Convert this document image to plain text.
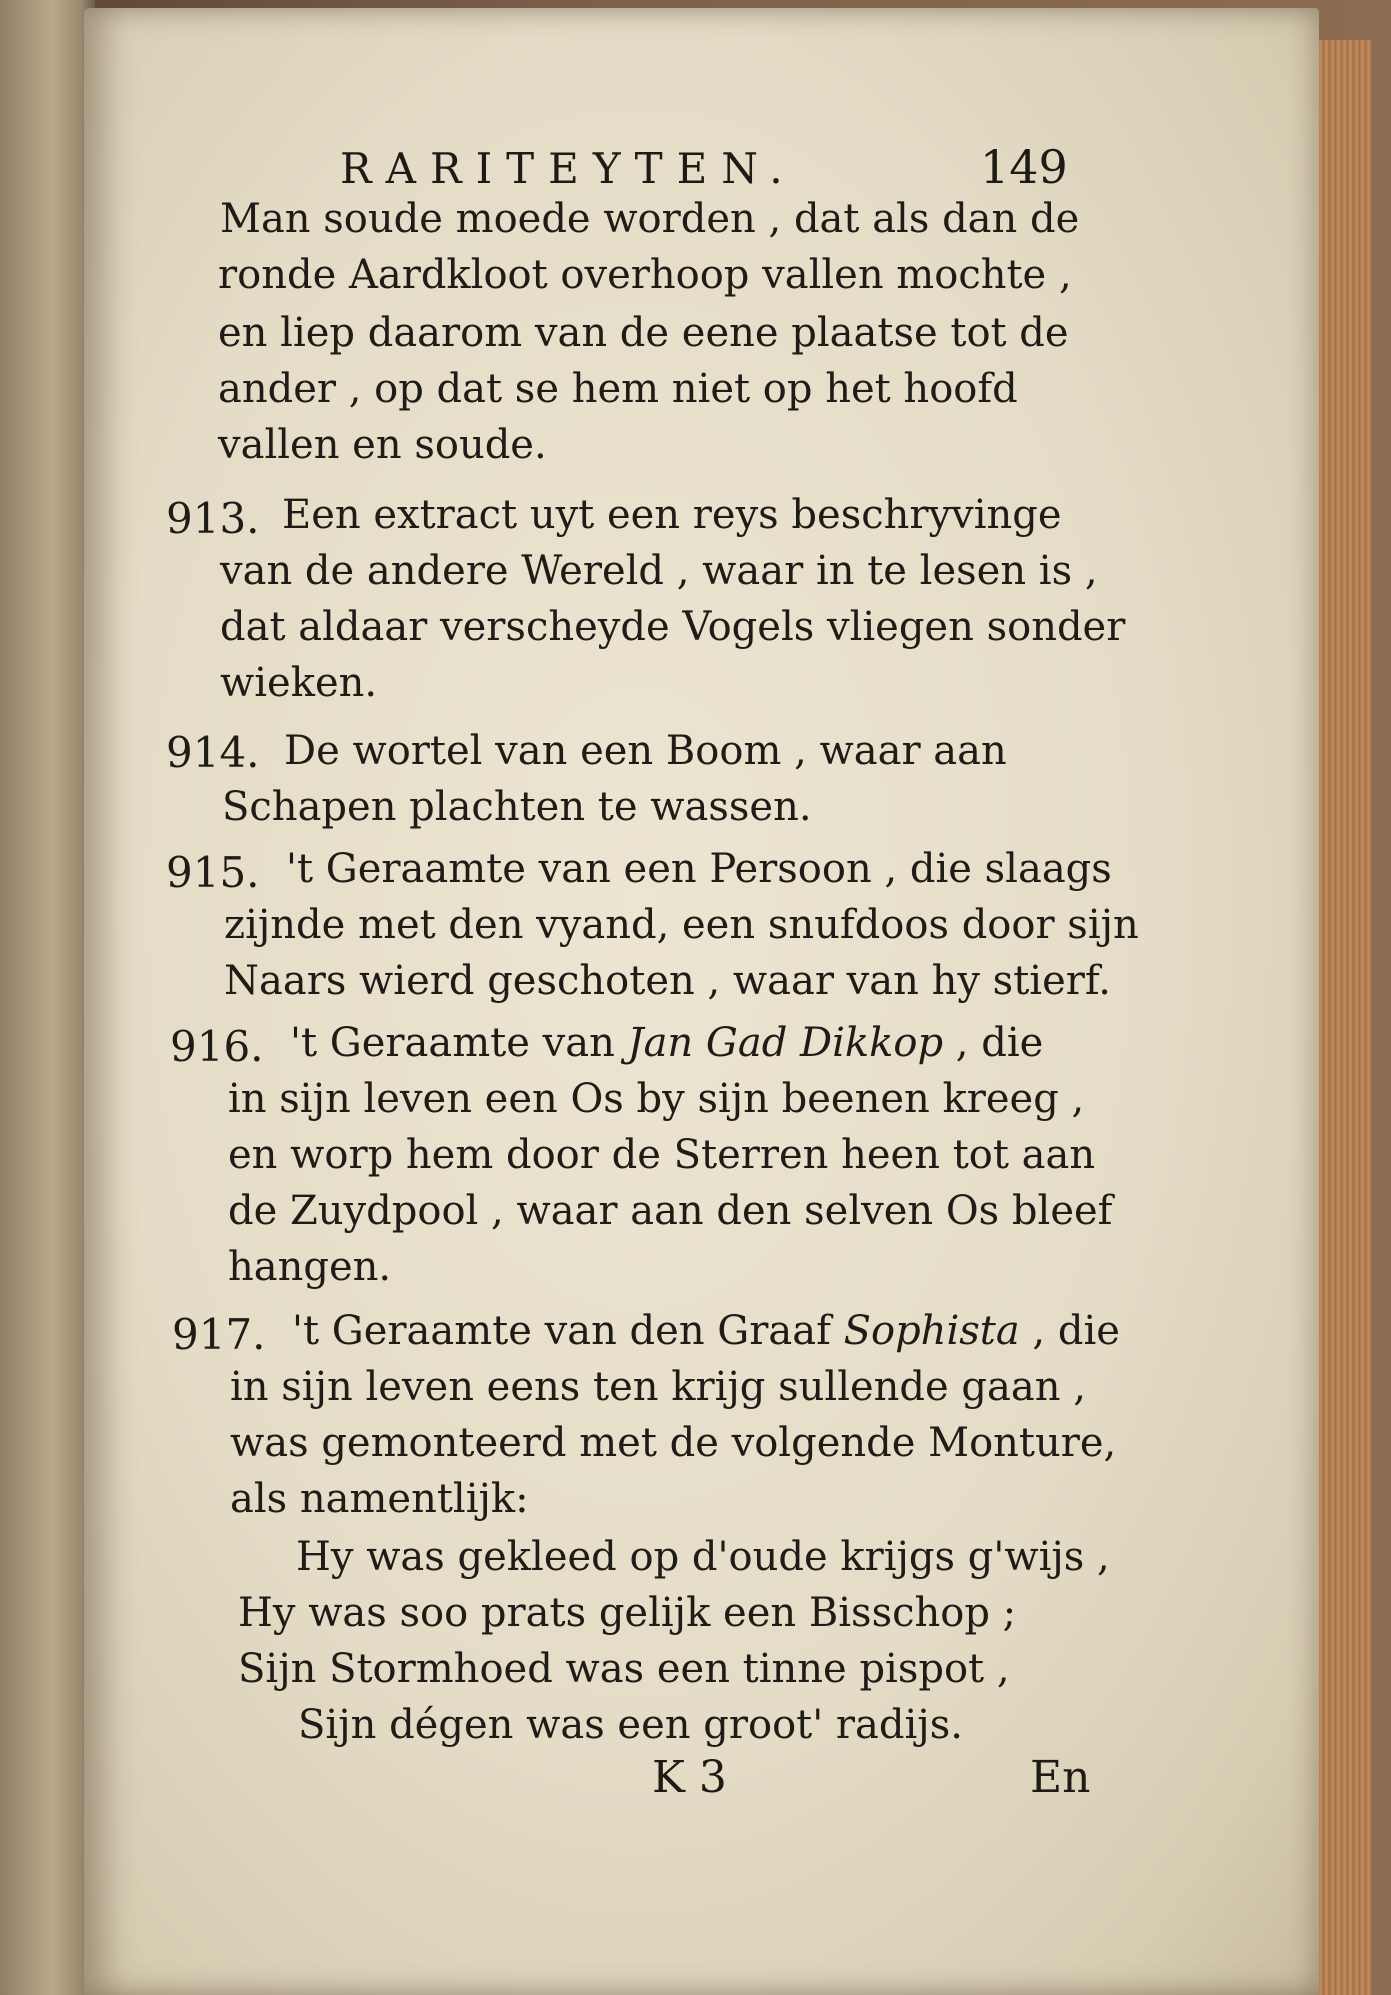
RARITEYTEN.	149
Man soude moede worden , dat als dan de
ronde Aardkloot overhoop vallen mochte ,
en liep daarom van de eene plaatse tot de
ander , op dat se hem niet op het hoofd
vallen en soude.
913. Een extract uyt een reys beschryvinge
van de andere Wereld , waar in te lesen is ,
dat aldaar verscheyde Vogels vliegen sonder
wieken.
914. De wortel van een Boom , waar aan
Schapen plachten te wassen.
915. 't Geraamte van een Persoon , die slaags
zijnde met den vyand, een snufdoos door sijn
Naars wierd geschoten , waar van hy stierf.
916. 't Geraamte van Jan Gad Dikkop , die
in sijn leven een Os by sijn beenen kreeg ,
en worp hem door de Sterren heen tot aan
de Zuydpool , waar aan den selven Os bleef
hangen.
917. 't Geraamte van den Graaf Sophista , die
in sijn leven eens ten krijg sullende gaan ,
was gemonteerd met de volgende Monture,
als namentlijk:
Hy was gekleed op d'oude krijgs g'wijs ,
Hy was soo prats gelijk een Bisschop ;
Sijn Stormhoed was een tinne pispot ,
Sijn dégen was een groot' radijs.
K 3	En
